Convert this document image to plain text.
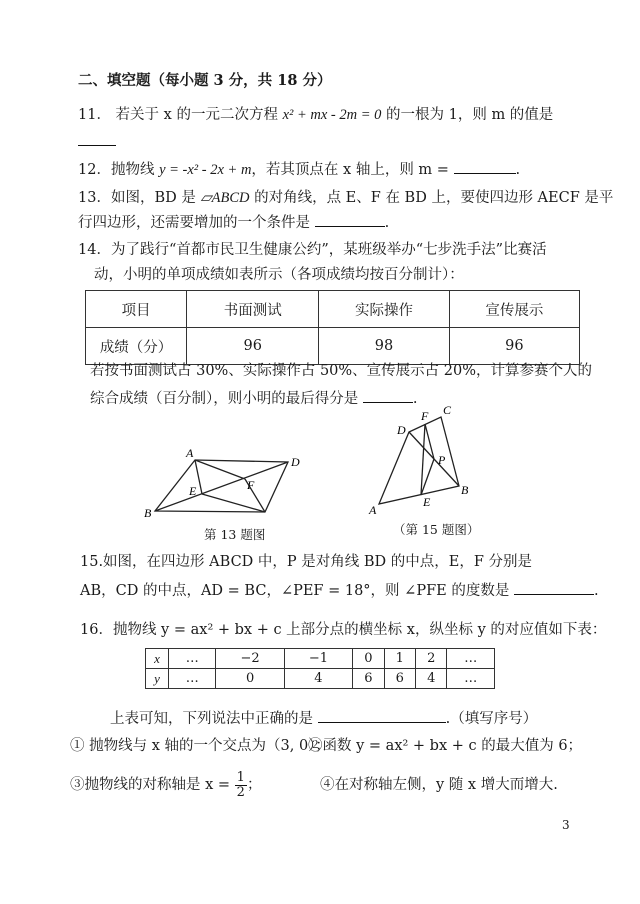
二、填空题（每小题 3 分，共 18 分）
11． 若关于 x 的一元二次方程 x² + mx - 2m = 0 的一根为 1，则 m 的值是
12．抛物线 y = -x² - 2x + m，若其顶点在 x 轴上，则 m =	.
13．如图，BD 是 ▱ABCD 的对角线，点 E、F 在 BD 上，要使四边形 AECF 是平
行四边形，还需要增加的一个条件是	.
14．为了践行“首都市民卫生健康公约”，某班级举办“七步洗手法”比赛活
动，小明的单项成绩如表所示（各项成绩均按百分制计）：
项目	书面测试	实际操作	宣传展示
成绩（分）	96	98	96
若按书面测试占 30%、实际操作占 50%、宣传展示占 20%，计算参赛个人的
综合成绩（百分制），则小明的最后得分是	.
A
B
D
E	F
第 13 题图
A
B
C
D
E
F
P
（第 15 题图）
15.如图，在四边形 ABCD 中，P 是对角线 BD 的中点，E，F 分别是
AB，CD 的中点，AD = BC，∠PEF = 18°，则 ∠PFE 的度数是	.
16．抛物线 y = ax² + bx + c 上部分点的横坐标 x，纵坐标 y 的对应值如下表：
x	…	−2	−1	0	1	2	…
y	…	0	4	6	6	4	…
上表可知，下列说法中正确的是	.（填写序号）
① 抛物线与 x 轴的一个交点为（3, 0）；
②函数 y = ax² + bx + c 的最大值为 6；
③抛物线的对称轴是 $x = \frac{1}{2}$ ；	④在对称轴左侧，y 随 x 增大而增大.
3
